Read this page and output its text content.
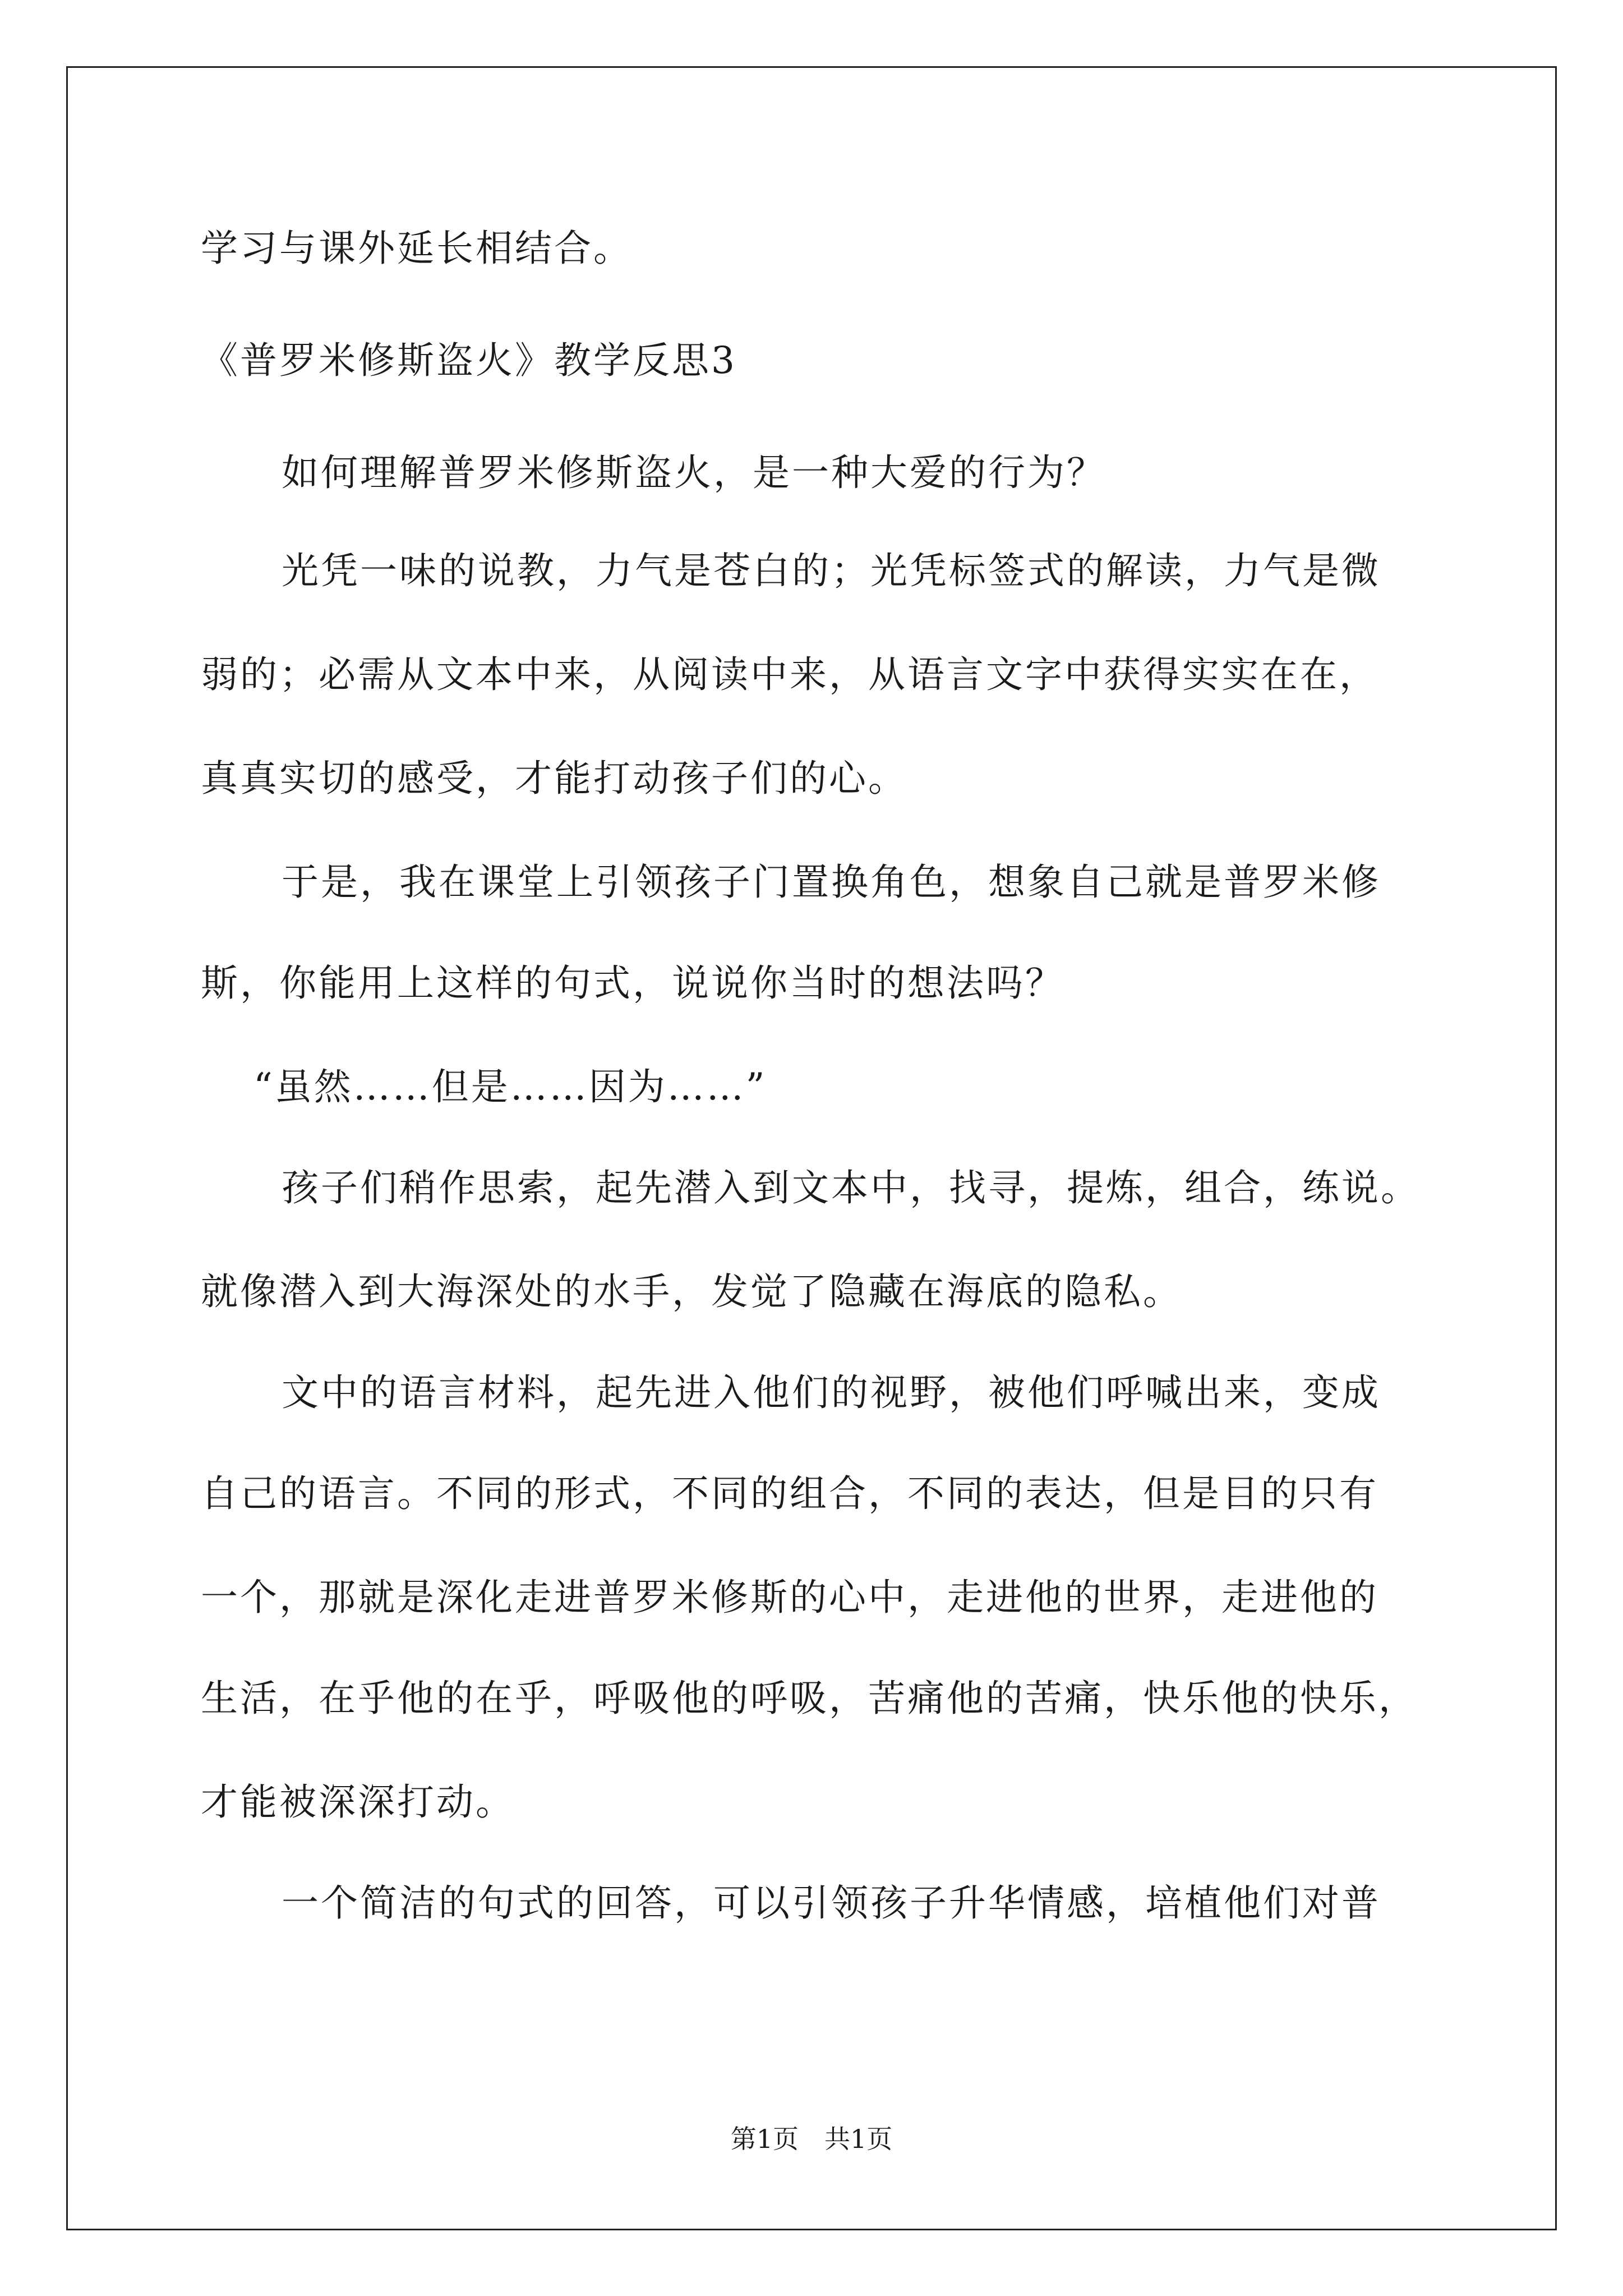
学习与课外延长相结合。

《普罗米修斯盗火》教学反思3

如何理解普罗米修斯盗火，是一种大爱的行为？

光凭一味的说教，力气是苍白的；光凭标签式的解读，力气是微

弱的；必需从文本中来，从阅读中来，从语言文字中获得实实在在，

真真实切的感受，才能打动孩子们的心。

于是，我在课堂上引领孩子门置换角色，想象自己就是普罗米修

斯，你能用上这样的句式，说说你当时的想法吗？

“虽然……但是……因为……”

孩子们稍作思索，起先潜入到文本中，找寻，提炼，组合，练说。

就像潜入到大海深处的水手，发觉了隐藏在海底的隐私。

文中的语言材料，起先进入他们的视野，被他们呼喊出来，变成

自己的语言。不同的形式，不同的组合，不同的表达，但是目的只有

一个，那就是深化走进普罗米修斯的心中，走进他的世界，走进他的

生活，在乎他的在乎，呼吸他的呼吸，苦痛他的苦痛，快乐他的快乐，

才能被深深打动。

一个简洁的句式的回答，可以引领孩子升华情感，培植他们对普

第1页　共1页
